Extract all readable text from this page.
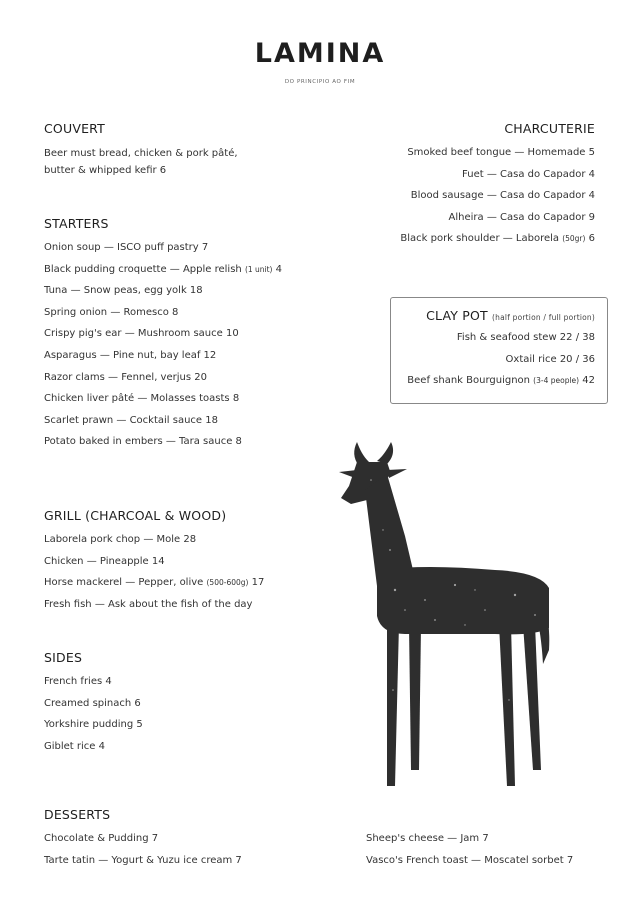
LAMINA
DO PRINCIPIO AO FIM
COUVERT
Beer must bread, chicken & pork pâté,
butter & whipped kefir 6
CHARCUTERIE
Smoked beef tongue — Homemade 5
Fuet — Casa do Capador 4
Blood sausage — Casa do Capador 4
Alheira — Casa do Capador 9
Black pork shoulder — Laborela (50gr) 6
STARTERS
Onion soup — ISCO puff pastry 7
Black pudding croquette — Apple relish (1 unit) 4
Tuna — Snow peas, egg yolk 18
Spring onion — Romesco 8
Crispy pig's ear — Mushroom sauce 10
Asparagus — Pine nut, bay leaf 12
Razor clams — Fennel, verjus 20
Chicken liver pâté — Molasses toasts 8
Scarlet prawn — Cocktail sauce 18
Potato baked in embers — Tara sauce 8
CLAY POT (half portion / full portion)
Fish & seafood stew 22 / 38
Oxtail rice 20 / 36
Beef shank Bourguignon (3-4 people) 42
GRILL (CHARCOAL & WOOD)
Laborela pork chop — Mole 28
Chicken — Pineapple 14
Horse mackerel — Pepper, olive (500-600g) 17
Fresh fish — Ask about the fish of the day
SIDES
French fries 4
Creamed spinach 6
Yorkshire pudding 5
Giblet rice 4
DESSERTS
Chocolate & Pudding 7
Tarte tatin — Yogurt & Yuzu ice cream 7
Sheep's cheese — Jam 7
Vasco's French toast — Moscatel sorbet 7
